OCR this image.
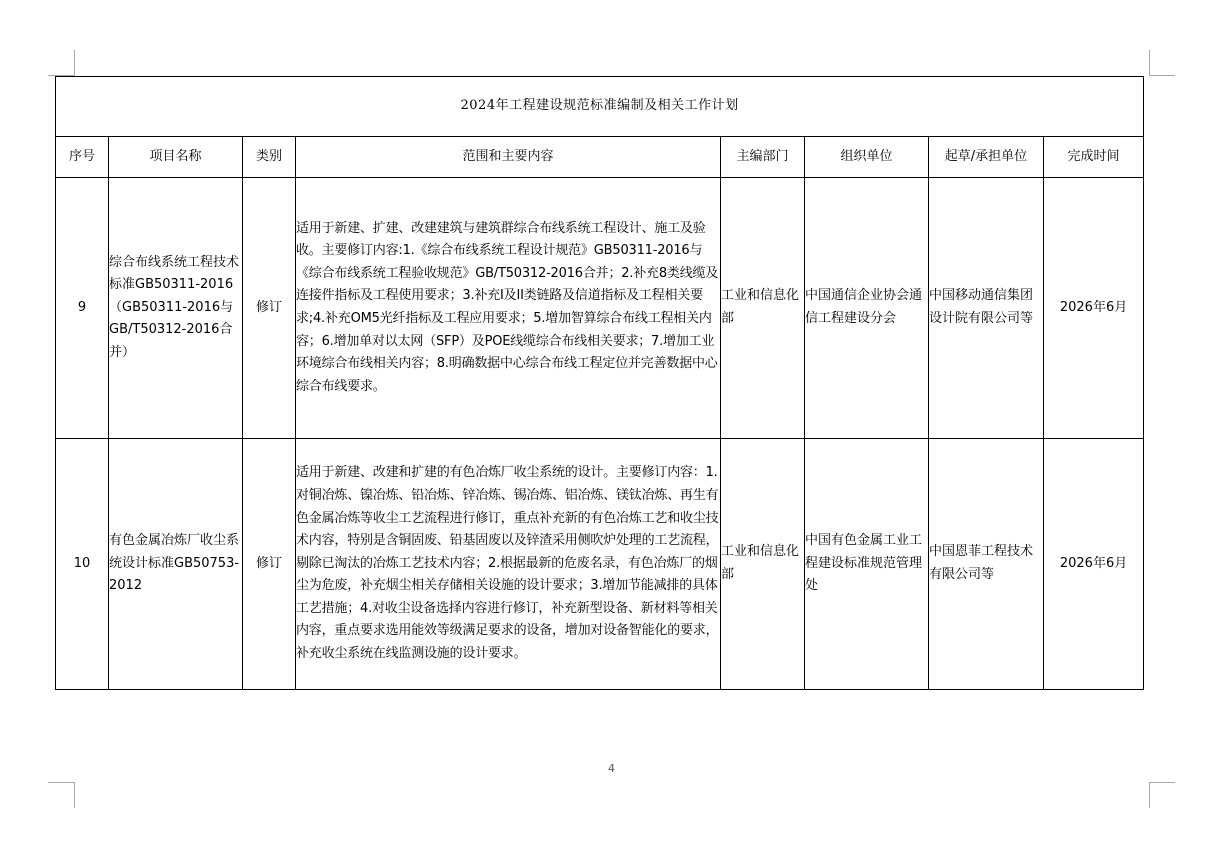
2024年工程建设规范标准编制及相关工作计划							
序号	项目名称	类别	范围和主要内容	主编部门	组织单位	起草/承担单位	完成时间
9	综合布线系统工程技术标准GB50311-2016（GB50311-2016与GB/T50312-2016合并）	修订	适用于新建、扩建、改建建筑与建筑群综合布线系统工程设计、施工及验收。主要修订内容:1.《综合布线系统工程设计规范》GB50311-2016与《综合布线系统工程验收规范》GB/T50312-2016合并；2.补充8类线缆及连接件指标及工程使用要求；3.补充I及II类链路及信道指标及工程相关要求;4.补充OM5光纤指标及工程应用要求；5.增加智算综合布线工程相关内容；6.增加单对以太网（SFP）及POE线缆综合布线相关要求；7.增加工业环境综合布线相关内容；8.明确数据中心综合布线工程定位并完善数据中心综合布线要求。	工业和信息化部	中国通信企业协会通信工程建设分会	中国移动通信集团设计院有限公司等	2026年6月
10	有色金属冶炼厂收尘系统设计标准GB50753-2012	修订	适用于新建、改建和扩建的有色冶炼厂收尘系统的设计。主要修订内容：1.对铜冶炼、镍冶炼、铅冶炼、锌冶炼、锡冶炼、铝冶炼、镁钛冶炼、再生有色金属冶炼等收尘工艺流程进行修订，重点补充新的有色冶炼工艺和收尘技术内容，特别是含铜固废、铅基固废以及锌渣采用侧吹炉处理的工艺流程，剔除已淘汰的冶炼工艺技术内容；2.根据最新的危废名录，有色冶炼厂的烟尘为危废，补充烟尘相关存储相关设施的设计要求；3.增加节能减排的具体工艺措施；4.对收尘设备选择内容进行修订，补充新型设备、新材料等相关内容，重点要求选用能效等级满足要求的设备，增加对设备智能化的要求，补充收尘系统在线监测设施的设计要求。	工业和信息化部	中国有色金属工业工程建设标准规范管理处	中国恩菲工程技术有限公司等	2026年6月
4
